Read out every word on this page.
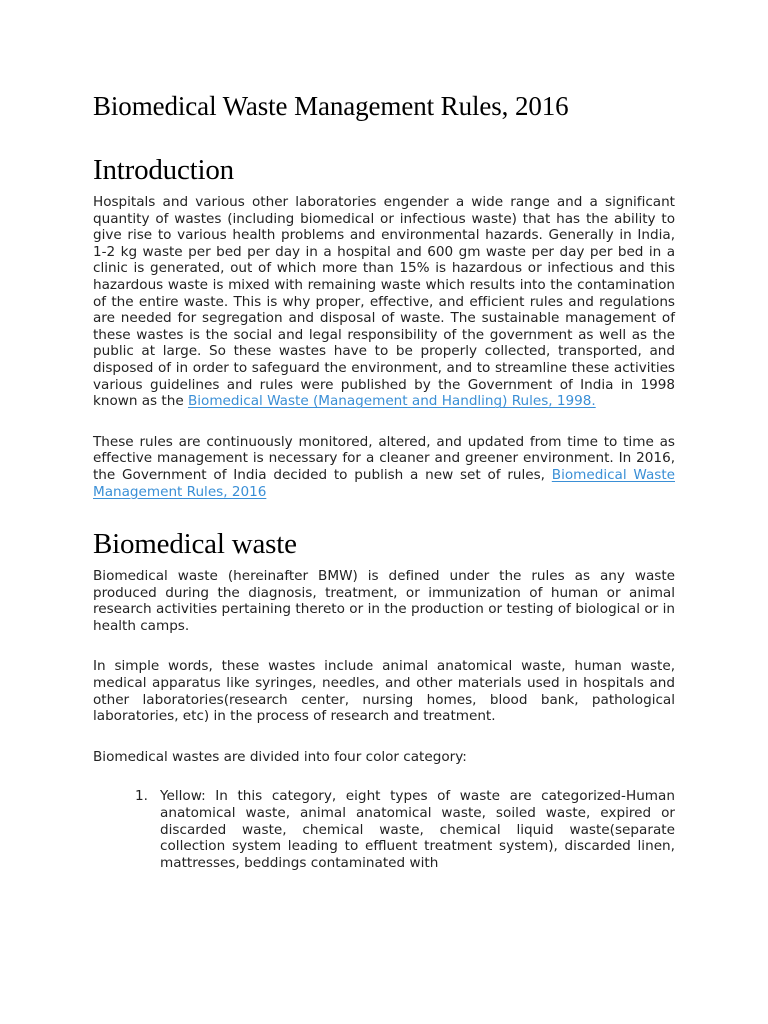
Biomedical Waste Management Rules, 2016
Introduction

Hospitals and various other laboratories engender a wide range and a significant quantity of wastes (including biomedical or infectious waste) that has the ability to give rise to various health problems and environmental hazards. Generally in India, 1-2 kg waste per bed per day in a hospital and 600 gm waste per day per bed in a clinic is generated, out of which more than 15% is hazardous or infectious and this hazardous waste is mixed with remaining waste which results into the contamination of the entire waste. This is why proper, effective, and efficient rules and regulations are needed for segregation and disposal of waste. The sustainable management of these wastes is the social and legal responsibility of the government as well as the public at large. So these wastes have to be properly collected, transported, and disposed of in order to safeguard the environment, and to streamline these activities various guidelines and rules were published by the Government of India in 1998 known as the Biomedical Waste (Management and Handling) Rules, 1998.

These rules are continuously monitored, altered, and updated from time to time as effective management is necessary for a cleaner and greener environment. In 2016, the Government of India decided to publish a new set of rules, Biomedical Waste Management Rules, 2016

Biomedical waste

Biomedical waste (hereinafter BMW) is defined under the rules as any waste produced during the diagnosis, treatment, or immunization of human or animal research activities pertaining thereto or in the production or testing of biological or in health camps.

In simple words, these wastes include animal anatomical waste, human waste, medical apparatus like syringes, needles, and other materials used in hospitals and other laboratories(research center, nursing homes, blood bank, pathological laboratories, etc) in the process of research and treatment.

Biomedical wastes are divided into four color category:

1. Yellow: In this category, eight types of waste are categorized-Human anatomical waste, animal anatomical waste, soiled waste, expired or discarded waste, chemical waste, chemical liquid waste(separate collection system leading to effluent treatment system), discarded linen, mattresses, beddings contaminated with
